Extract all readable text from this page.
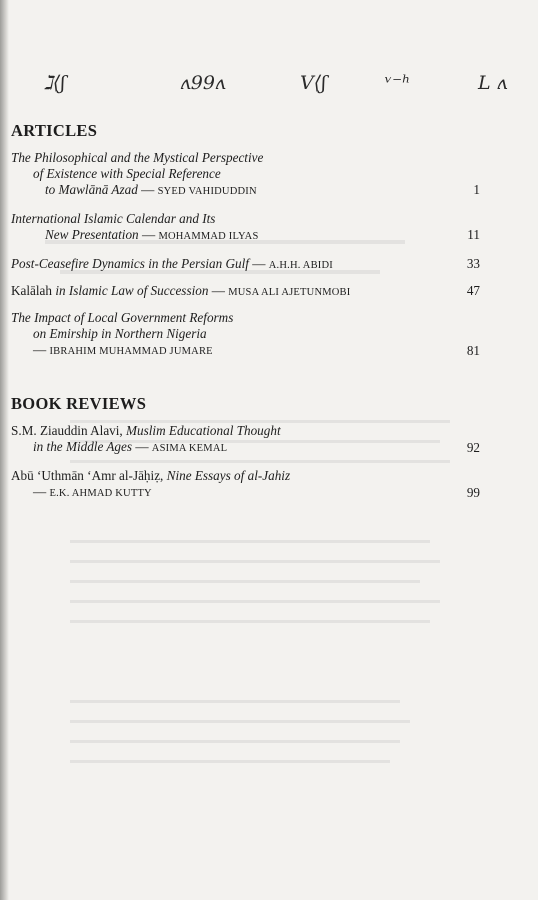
ℷ⟨ʃ	ʌ99ʌ	V⟨ʃ	ᵛ⁻ʰ	L ʌ
ARTICLES
The Philosophical and the Mystical Perspective
of Existence with Special Reference
to Mawlānā Azad — SYED VAHIDUDDIN	1
International Islamic Calendar and Its
New Presentation — MOHAMMAD ILYAS	11
Post-Ceasefire Dynamics in the Persian Gulf — A.H.H. ABIDI	33
Kalālah in Islamic Law of Succession — MUSA ALI AJETUNMOBI	47
The Impact of Local Government Reforms
on Emirship in Northern Nigeria
— IBRAHIM MUHAMMAD JUMARE	81
BOOK REVIEWS
S.M. Ziauddin Alavi, Muslim Educational Thought
in the Middle Ages — ASIMA KEMAL	92
Abū ‘Uthmān ‘Amr al-Jāḥiẓ, Nine Essays of al-Jahiz
— E.K. AHMAD KUTTY	99
